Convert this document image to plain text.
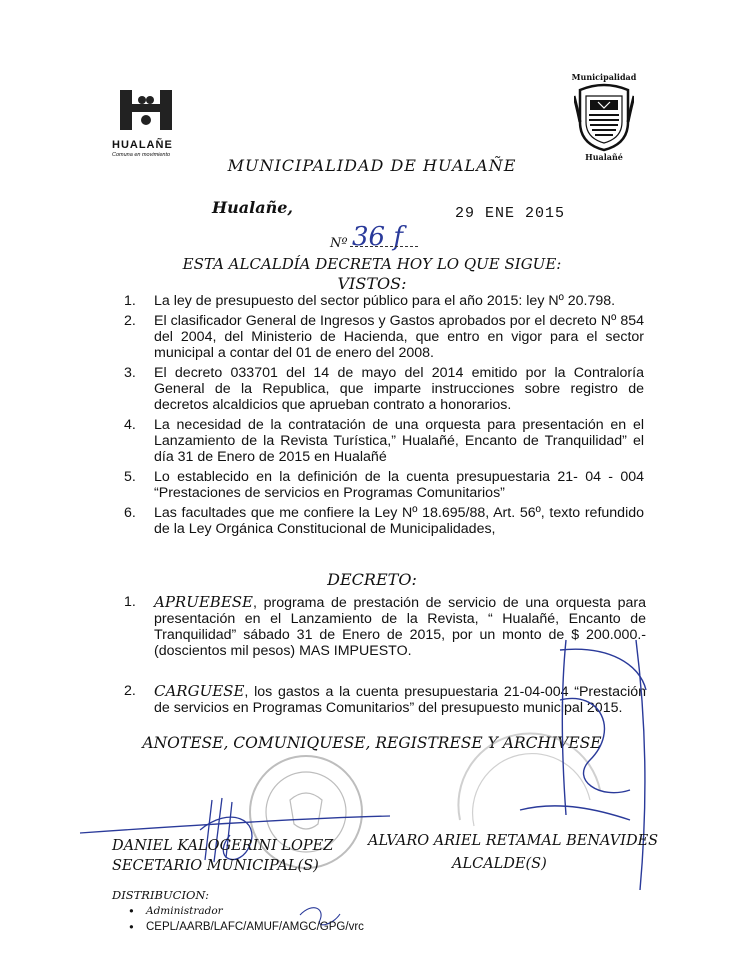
HUALAÑE
Comuna en movimiento
Municipalidad
Hualañé
MUNICIPALIDAD DE HUALAÑE
Hualañe,	29 ENE 2015
Nº 36 f
ESTA ALCALDÍA DECRETA HOY LO QUE SIGUE:
VISTOS:
1. La ley de presupuesto del sector público para el año 2015: ley Nº 20.798.
2. El clasificador General de Ingresos y Gastos aprobados por el decreto Nº 854 del 2004, del Ministerio de Hacienda, que entro en vigor para el sector municipal a contar del 01 de enero del 2008.
3. El decreto 033701 del 14 de mayo del 2014 emitido por la Contraloría General de la Republica, que imparte instrucciones sobre registro de decretos alcaldicios que aprueban contrato a honorarios.
4. La necesidad de la contratación de una orquesta para presentación en el Lanzamiento de la Revista Turística,” Hualañé, Encanto de Tranquilidad” el día 31 de Enero de 2015 en Hualañé
5. Lo establecido en la definición de la cuenta presupuestaria 21- 04 - 004 “Prestaciones de servicios en Programas Comunitarios”
6. Las facultades que me confiere la Ley Nº 18.695/88, Art. 56º, texto refundido de la Ley Orgánica Constitucional de Municipalidades,
DECRETO:
1. APRUEBESE, programa de prestación de servicio de una orquesta para presentación en el Lanzamiento de la Revista, “ Hualañé, Encanto de Tranquilidad” sábado 31 de Enero de 2015, por un monto de $ 200.000.- (doscientos mil pesos) MAS IMPUESTO.
2. CARGUESE, los gastos a la cuenta presupuestaria 21-04-004 “Prestación de servicios en Programas Comunitarios” del presupuesto municipal 2015.
ANOTESE, COMUNIQUESE, REGISTRESE Y ARCHIVESE
DANIEL KALOGERINI LOPEZ
SECETARIO MUNICIPAL(S)
ALVARO ARIEL RETAMAL BENAVIDES
ALCALDE(S)
DISTRIBUCION:
• Administrador
• CEPL/AARB/LAFC/AMUF/AMGC/GPG/vrc
